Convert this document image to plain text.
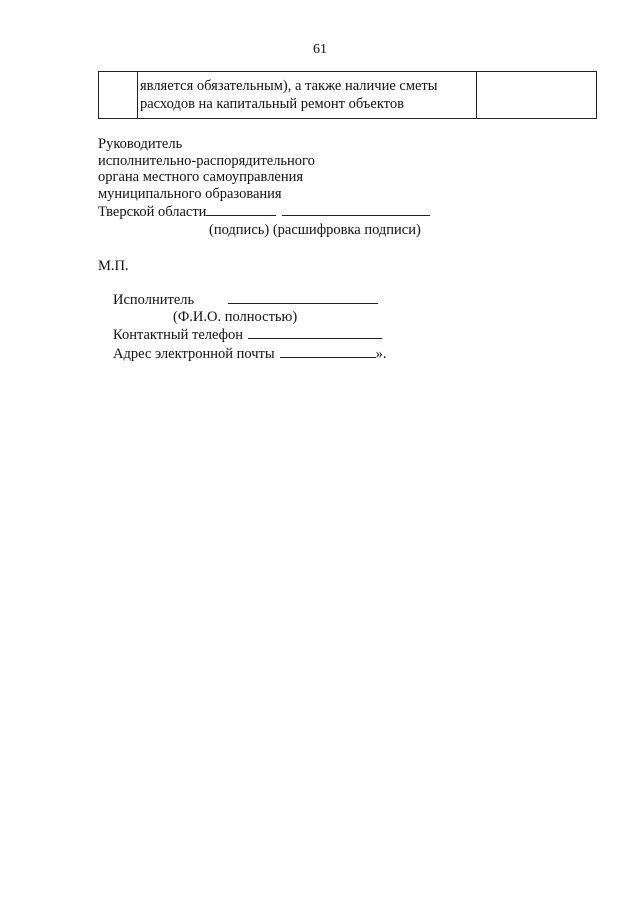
61

является обязательным), а также наличие сметы
расходов на капитальный ремонт объектов

Руководитель
исполнительно-распорядительного
органа местного самоуправления
муниципального образования
Тверской области
(подпись) (расшифровка подписи)
М.П.
Исполнитель
(Ф.И.О. полностью)
Контактный телефон
Адрес электронной почты	».
